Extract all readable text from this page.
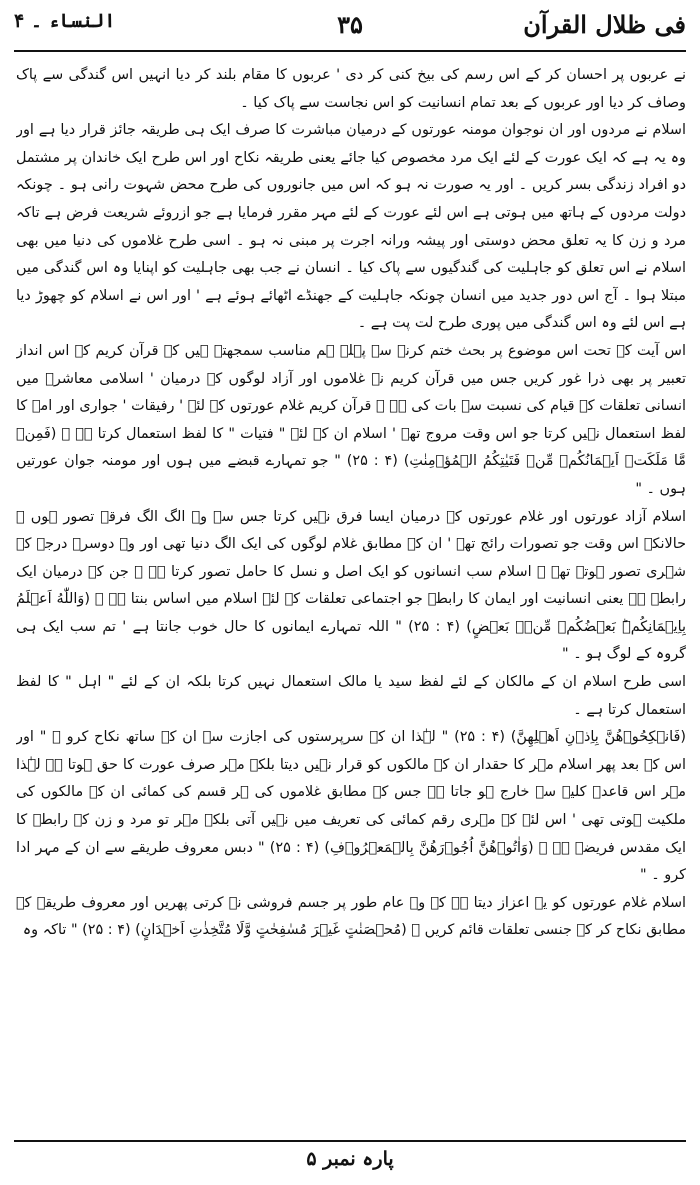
فی ظلال القرآن
۳۵
النساء ۔ ۴

نے عربوں پر احسان کر کے اس رسم کی بیخ کنی کر دی ' عربوں کا مقام بلند کر دیا انہیں اس گندگی سے پاک وصاف کر دیا اور عربوں کے بعد تمام انسانیت کو اس نجاست سے پاک کیا ۔

اسلام نے مردوں اور ان نوجوان مومنہ عورتوں کے درمیان مباشرت کا صرف ایک ہی طریقہ جائز قرار دیا ہے اور وہ یہ ہے کہ ایک عورت کے لئے ایک مرد مخصوص کیا جائے یعنی طریقہ نکاح اور اس طرح ایک خاندان پر مشتمل دو افراد زندگی بسر کریں ۔ اور یہ صورت نہ ہو کہ اس میں جانوروں کی طرح محض شہوت رانی ہو ۔ چونکہ دولت مردوں کے ہاتھ میں ہوتی ہے اس لئے عورت کے لئے مہر مقرر فرمایا ہے جو ازروئے شریعت فرض ہے تاکہ مرد و زن کا یہ تعلق محض دوستی اور پیشہ ورانہ اجرت پر مبنی نہ ہو ۔ اسی طرح غلاموں کی دنیا میں بھی اسلام نے اس تعلق کو جاہلیت کی گندگیوں سے پاک کیا ۔ انسان نے جب بھی جاہلیت کو اپنایا وہ اس گندگی میں مبتلا ہوا ۔ آج اس دور جدید میں انسان چونکہ جاہلیت کے جھنڈے اٹھائے ہوئے ہے ' اور اس نے اسلام کو چھوڑ دیا ہے اس لئے وہ اس گندگی میں پوری طرح لت پت ہے ۔

اس آیت کے تحت اس موضوع پر بحث ختم کرنے سے پہلے ہم مناسب سمجھتے ہیں کہ قرآن کریم کے اس انداز تعبیر پر بھی ذرا غور کریں جس میں قرآن کریم نے غلاموں اور آزاد لوگوں کے درمیان ' اسلامی معاشرے میں انسانی تعلقات کے قیام کی نسبت سے بات کی ہے ۔ قرآن کریم غلام عورتوں کے لئے ' رفیقات ' جواری اور امہ کا لفظ استعمال نہیں کرتا جو اس وقت مروج تھے ' اسلام ان کے لئے " فتیات " کا لفظ استعمال کرتا ہے ۔ (فَمِنۡ مَّا مَلَكَتۡ اَيۡمَانُكُمۡ مِّنۡ فَتَيٰتِكُمُ الۡمُؤۡمِنٰتِ) (۴ : ۲۵) " جو تمہارے قبضے میں ہوں اور مومنہ جوان عورتیں ہوں ۔ "

اسلام آزاد عورتوں اور غلام عورتوں کے درمیان ایسا فرق نہیں کرتا جس سے وہ الگ الگ فرقے تصور ہوں ۔ حالانکہ اس وقت جو تصورات رائج تھے ' ان کے مطابق غلام لوگوں کی ایک الگ دنیا تھی اور وہ دوسرے درجے کے شہری تصور ہوتے تھے ۔ اسلام سب انسانوں کو ایک اصل و نسل کا حامل تصور کرتا ہے ۔ جن کے درمیان ایک رابطہ ہے یعنی انسانیت اور ایمان کا رابطہ جو اجتماعی تعلقات کے لئے اسلام میں اساس بنتا ہے ۔ (وَاللّٰهُ اَعۡلَمُ بِاِيۡمَانِكُمۡ‌ؕ بَعۡضُكُمۡ مِّنۡۢ بَعۡضٍ) (۴ : ۲۵) " اللہ تمہارے ایمانوں کا حال خوب جانتا ہے ' تم سب ایک ہی گروہ کے لوگ ہو ۔ "

اسی طرح اسلام ان کے مالکان کے لئے لفظ سید یا مالک استعمال نہیں کرتا بلکہ ان کے لئے " اہل " کا لفظ استعمال کرتا ہے ۔

(فَانۡكِحُوۡهُنَّ بِاِذۡنِ اَهۡلِهِنَّ) (۴ : ۲۵) " لہٰذا ان کے سرپرستوں کی اجازت سے ان کے ساتھ نکاح کرو ۔ " اور اس کے بعد پھر اسلام مہر کا حقدار ان کے مالکوں کو قرار نہیں دیتا بلکہ مہر صرف عورت کا حق ہوتا ہے لہٰذا مہر اس قاعدہ کلیہ سے خارج ہو جاتا ہے جس کے مطابق غلاموں کی ہر قسم کی کمائی ان کے مالکوں کی ملکیت ہوتی تھی ' اس لئے کہ مہری رقم کمائی کی تعریف میں نہیں آتی بلکہ مہر تو مرد و زن کے رابطے کا ایک مقدس فریضہ ہے ۔ (وَاٰتُوۡهُنَّ اُجُوۡرَهُنَّ بِالۡمَعۡرُوۡفِ) (۴ : ۲۵) " دبس معروف طریقے سے ان کے مہر ادا کرو ۔ "

اسلام غلام عورتوں کو یہ اعزاز دیتا ہے کہ وہ عام طور پر جسم فروشی نہ کرتی پھریں اور معروف طریقے کے مطابق نکاح کر کے جنسی تعلقات قائم کریں ۔ (مُحۡصَنٰتٍ غَيۡرَ مُسٰفِحٰتٍ وَّلَا مُتَّخِذٰتِ اَخۡدَانٍ) (۴ : ۲۵) " تاکہ وہ

پارہ نمبر ۵
